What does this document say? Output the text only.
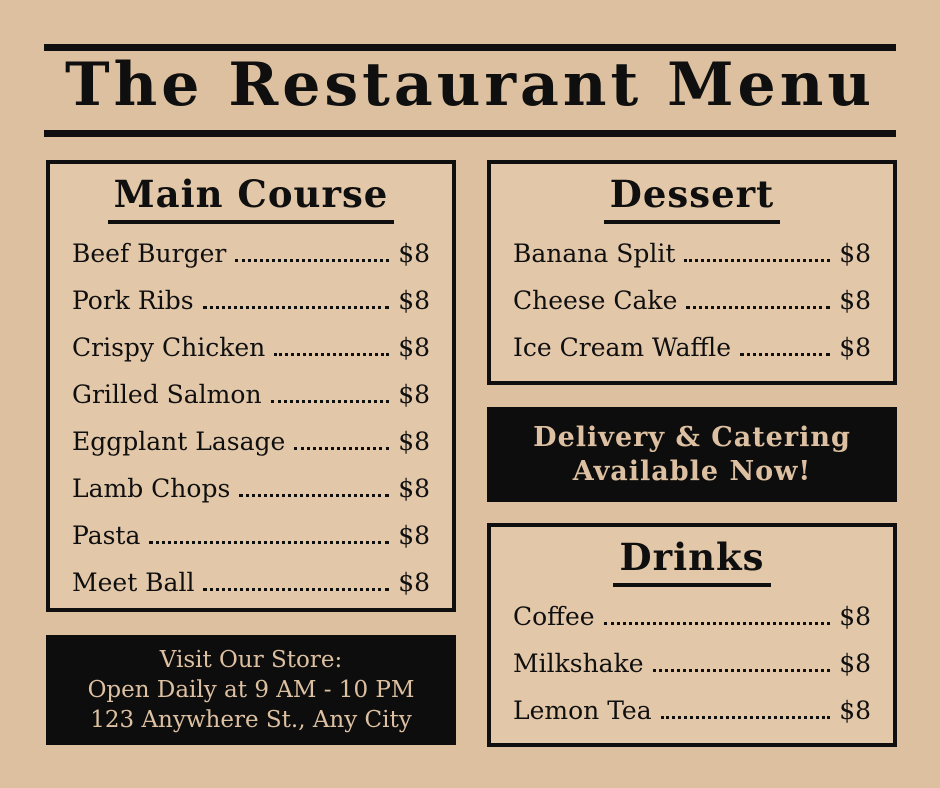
The Restaurant Menu
Main Course
Beef Burger	$8
Pork Ribs	$8
Crispy Chicken	$8
Grilled Salmon	$8
Eggplant Lasage	$8
Lamb Chops	$8
Pasta	$8
Meet Ball	$8
Dessert
Banana Split	$8
Cheese Cake	$8
Ice Cream Waffle	$8
Delivery & Catering
Available Now!
Drinks
Coffee	$8
Milkshake	$8
Lemon Tea	$8
Visit Our Store:
Open Daily at 9 AM - 10 PM
123 Anywhere St., Any City
